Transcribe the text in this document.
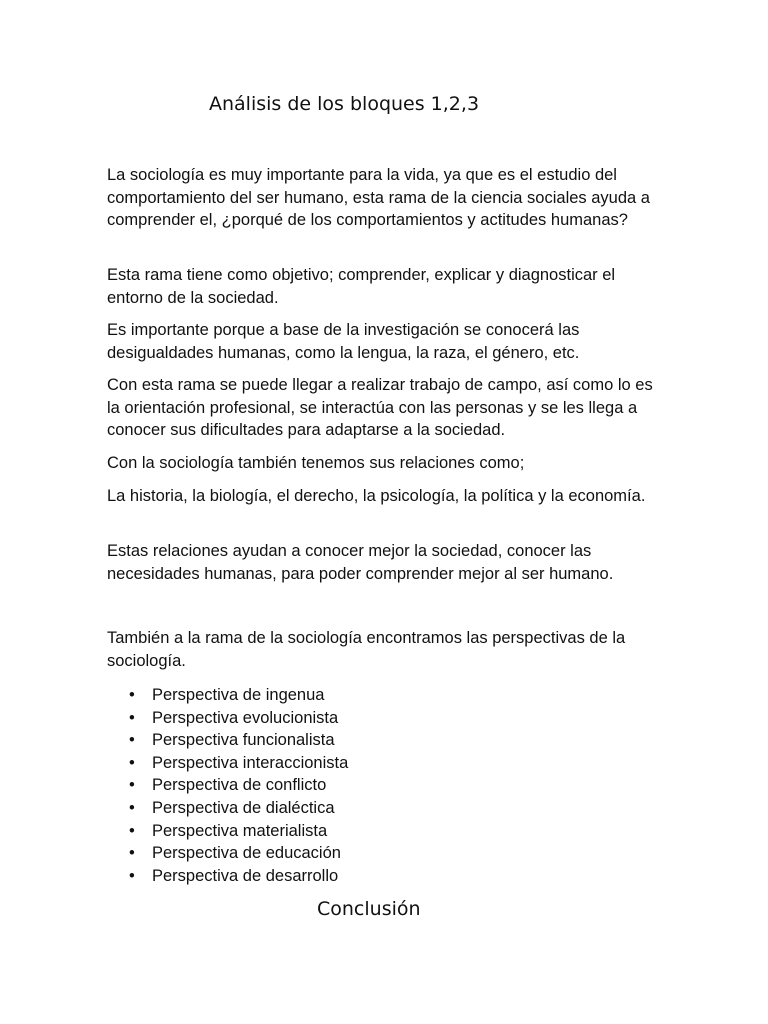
Análisis de los bloques 1,2,3

La sociología es muy importante para la vida, ya que es el estudio del comportamiento del ser humano, esta rama de la ciencia sociales ayuda a comprender el, ¿porqué de los comportamientos y actitudes humanas?

Esta rama tiene como objetivo; comprender, explicar y diagnosticar el entorno de la sociedad.

Es importante porque a base de la investigación se conocerá las desigualdades humanas, como la lengua, la raza, el género, etc.

Con esta rama se puede llegar a realizar trabajo de campo, así como lo es la orientación profesional, se interactúa con las personas y se les llega a conocer sus dificultades para adaptarse a la sociedad.

Con la sociología también tenemos sus relaciones como;

La historia, la biología, el derecho, la psicología, la política y la economía.

Estas relaciones ayudan a conocer mejor la sociedad, conocer las necesidades humanas, para poder comprender mejor al ser humano.

También a la rama de la sociología encontramos las perspectivas de la sociología.

• Perspectiva de ingenua
• Perspectiva evolucionista
• Perspectiva funcionalista
• Perspectiva interaccionista
• Perspectiva de conflicto
• Perspectiva de dialéctica
• Perspectiva materialista
• Perspectiva de educación
• Perspectiva de desarrollo
Conclusión
